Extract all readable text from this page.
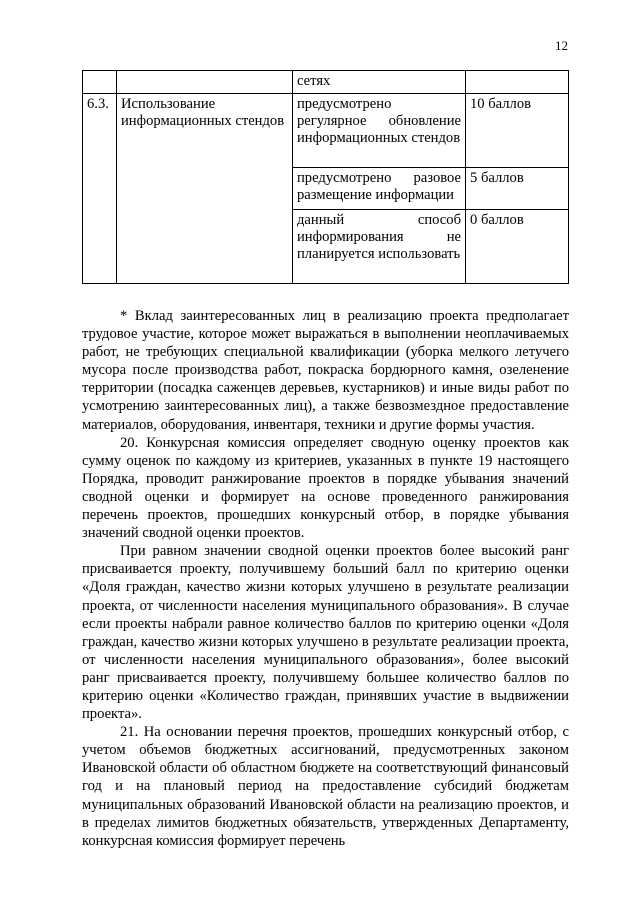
12
		сетях	
6.3.	Использование информационных стендов	предусмотрено регулярное обновление информационных стендов	10 баллов
		предусмотрено разовое размещение информации	5 баллов
		данный способ информирования не планируется использовать	0 баллов

* Вклад заинтересованных лиц в реализацию проекта предполагает трудовое участие, которое может выражаться в выполнении неоплачиваемых работ, не требующих специальной квалификации (уборка мелкого летучего мусора после производства работ, покраска бордюрного камня, озеленение территории (посадка саженцев деревьев, кустарников) и иные виды работ по усмотрению заинтересованных лиц), а также безвозмездное предоставление материалов, оборудования, инвентаря, техники и другие формы участия.

20. Конкурсная комиссия определяет сводную оценку проектов как сумму оценок по каждому из критериев, указанных в пункте 19 настоящего Порядка, проводит ранжирование проектов в порядке убывания значений сводной оценки и формирует на основе проведенного ранжирования перечень проектов, прошедших конкурсный отбор, в порядке убывания значений сводной оценки проектов.

При равном значении сводной оценки проектов более высокий ранг присваивается проекту, получившему больший балл по критерию оценки «Доля граждан, качество жизни которых улучшено в результате реализации проекта, от численности населения муниципального образования». В случае если проекты набрали равное количество баллов по критерию оценки «Доля граждан, качество жизни которых улучшено в результате реализации проекта, от численности населения муниципального образования», более высокий ранг присваивается проекту, получившему большее количество баллов по критерию оценки «Количество граждан, принявших участие в выдвижении проекта».

21. На основании перечня проектов, прошедших конкурсный отбор, с учетом объемов бюджетных ассигнований, предусмотренных законом Ивановской области об областном бюджете на соответствующий финансовый год и на плановый период на предоставление субсидий бюджетам муниципальных образований Ивановской области на реализацию проектов, и в пределах лимитов бюджетных обязательств, утвержденных Департаменту, конкурсная комиссия формирует перечень
